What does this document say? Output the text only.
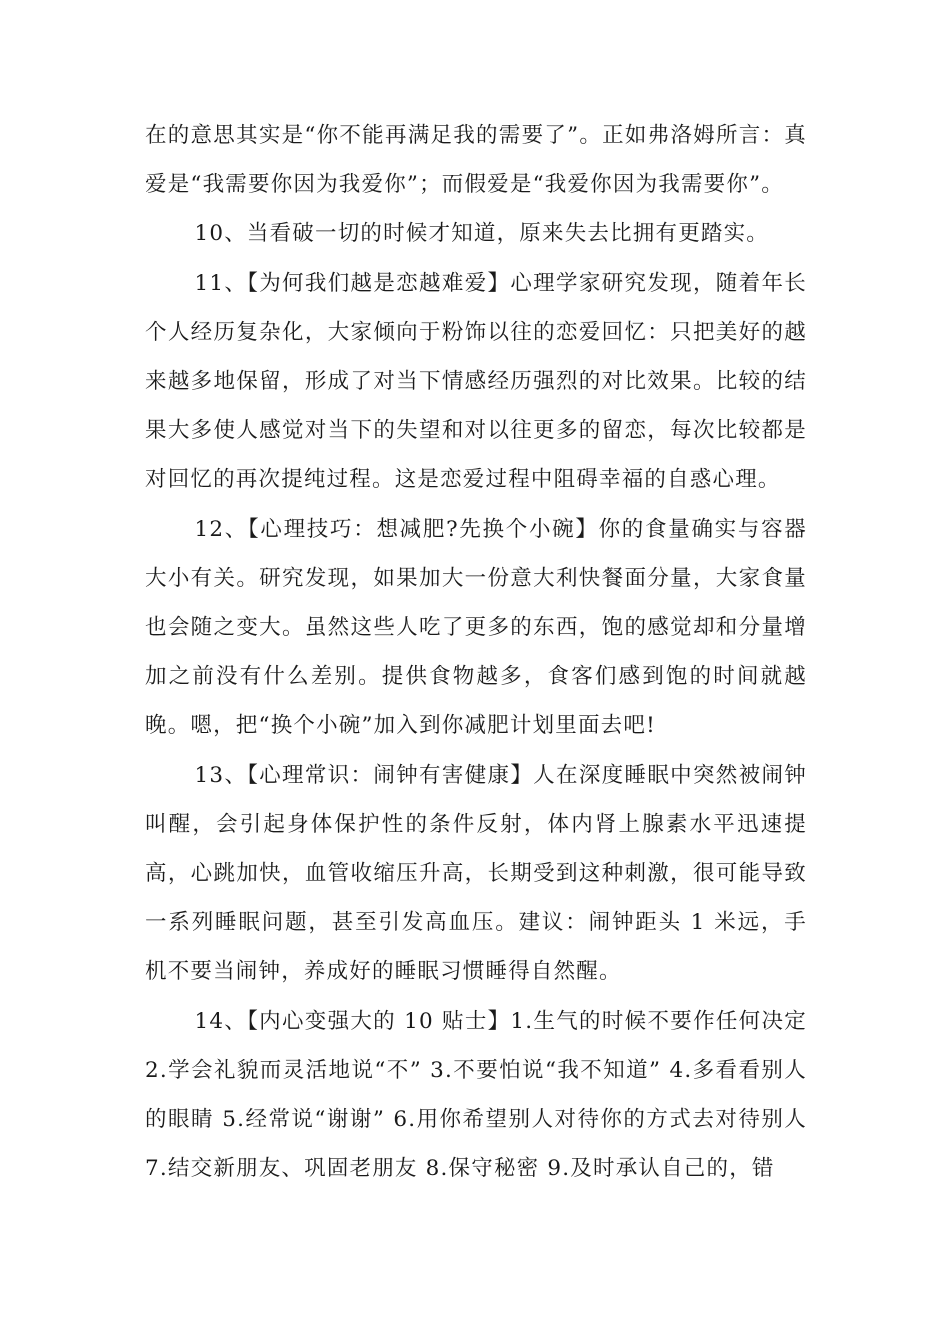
在的意思其实是“你不能再满足我的需要了”。正如弗洛姆所言：真爱是“我需要你因为我爱你”；而假爱是“我爱你因为我需要你”。

10、当看破一切的时候才知道，原来失去比拥有更踏实。

11、【为何我们越是恋越难爱】心理学家研究发现，随着年长个人经历复杂化，大家倾向于粉饰以往的恋爱回忆：只把美好的越来越多地保留，形成了对当下情感经历强烈的对比效果。比较的结果大多使人感觉对当下的失望和对以往更多的留恋，每次比较都是对回忆的再次提纯过程。这是恋爱过程中阻碍幸福的自惑心理。

12、【心理技巧：想减肥?先换个小碗】你的食量确实与容器大小有关。研究发现，如果加大一份意大利快餐面分量，大家食量也会随之变大。虽然这些人吃了更多的东西，饱的感觉却和分量增加之前没有什么差别。提供食物越多，食客们感到饱的时间就越晚。嗯，把“换个小碗”加入到你减肥计划里面去吧!

13、【心理常识：闹钟有害健康】人在深度睡眠中突然被闹钟叫醒，会引起身体保护性的条件反射，体内肾上腺素水平迅速提高，心跳加快，血管收缩压升高，长期受到这种刺激，很可能导致一系列睡眠问题，甚至引发高血压。建议：闹钟距头 1 米远，手机不要当闹钟，养成好的睡眠习惯睡得自然醒。

14、【内心变强大的 10 贴士】1.生气的时候不要作任何决定 2.学会礼貌而灵活地说“不” 3.不要怕说“我不知道” 4.多看看别人的眼睛 5.经常说“谢谢” 6.用你希望别人对待你的方式去对待别人 7.结交新朋友、巩固老朋友 8.保守秘密 9.及时承认自己的，错
